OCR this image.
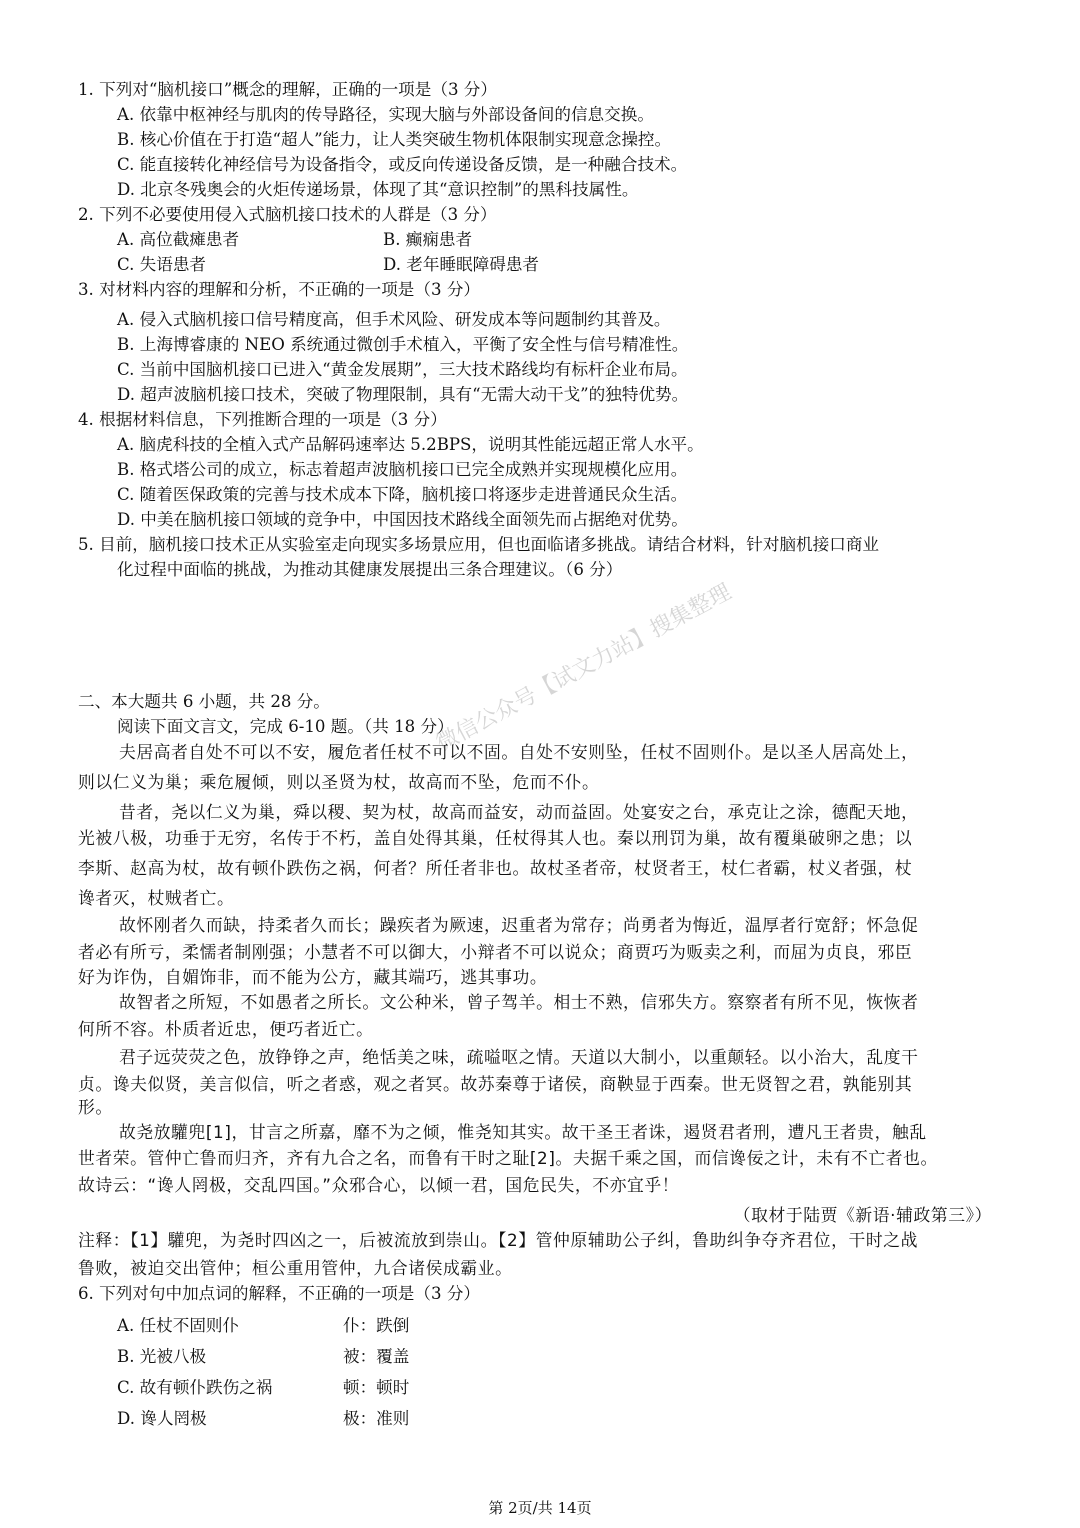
1. 下列对“脑机接口”概念的理解，正确的一项是（3 分）
A. 依靠中枢神经与肌肉的传导路径，实现大脑与外部设备间的信息交换。
B. 核心价值在于打造“超人”能力，让人类突破生物机体限制实现意念操控。
C. 能直接转化神经信号为设备指令，或反向传递设备反馈，是一种融合技术。
D. 北京冬残奥会的火炬传递场景，体现了其“意识控制”的黑科技属性。
2. 下列不必要使用侵入式脑机接口技术的人群是（3 分）
A. 高位截瘫患者	B. 癫痫患者
C. 失语患者	D. 老年睡眠障碍患者
3. 对材料内容的理解和分析，不正确的一项是（3 分）
A. 侵入式脑机接口信号精度高，但手术风险、研发成本等问题制约其普及。
B. 上海博睿康的 NEO 系统通过微创手术植入，平衡了安全性与信号精准性。
C. 当前中国脑机接口已进入“黄金发展期”，三大技术路线均有标杆企业布局。
D. 超声波脑机接口技术，突破了物理限制，具有“无需大动干戈”的独特优势。
4. 根据材料信息，下列推断合理的一项是（3 分）
A. 脑虎科技的全植入式产品解码速率达 5.2BPS，说明其性能远超正常人水平。
B. 格式塔公司的成立，标志着超声波脑机接口已完全成熟并实现规模化应用。
C. 随着医保政策的完善与技术成本下降，脑机接口将逐步走进普通民众生活。
D. 中美在脑机接口领域的竞争中，中国因技术路线全面领先而占据绝对优势。
5. 目前，脑机接口技术正从实验室走向现实多场景应用，但也面临诸多挑战。请结合材料，针对脑机接口商业
化过程中面临的挑战，为推动其健康发展提出三条合理建议。（6 分）
微信公众号【试文力站】搜集整理
二、本大题共 6 小题，共 28 分。
阅读下面文言文，完成 6-10 题。（共 18 分）
夫居高者自处不可以不安，履危者任杖不可以不固。自处不安则坠，任杖不固则仆。是以圣人居高处上，
则以仁义为巢；乘危履倾，则以圣贤为杖，故高而不坠，危而不仆。
昔者，尧以仁义为巢，舜以稷、契为杖，故高而益安，动而益固。处宴安之台，承克让之涂，德配天地，
光被八极，功垂于无穷，名传于不朽，盖自处得其巢，任杖得其人也。秦以刑罚为巢，故有覆巢破卵之患；以
李斯、赵高为杖，故有顿仆跌伤之祸，何者？所任者非也。故杖圣者帝，杖贤者王，杖仁者霸，杖义者强，杖
谗者灭，杖贼者亡。
故怀刚者久而缺，持柔者久而长；躁疾者为厥速，迟重者为常存；尚勇者为悔近，温厚者行宽舒；怀急促
者必有所亏，柔懦者制刚强；小慧者不可以御大，小辩者不可以说众；商贾巧为贩卖之利，而屈为贞良，邪臣
好为诈伪，自媚饰非，而不能为公方，藏其端巧，逃其事功。
故智者之所短，不如愚者之所长。文公种米，曾子驾羊。相士不熟，信邪失方。察察者有所不见，恢恢者
何所不容。朴质者近忠，便巧者近亡。
君子远荧荧之色，放铮铮之声，绝恬美之味，疏嗌呕之情。天道以大制小，以重颠轻。以小治大，乱度干
贞。谗夫似贤，美言似信，听之者惑，观之者冥。故苏秦尊于诸侯，商鞅显于西秦。世无贤智之君，孰能别其
形。
故尧放驩兜[1]，甘言之所嘉，靡不为之倾，惟尧知其实。故干圣王者诛，遏贤君者刑，遭凡王者贵，触乱
世者荣。管仲亡鲁而归齐，齐有九合之名，而鲁有干时之耻[2]。夫据千乘之国，而信谗佞之计，未有不亡者也。
故诗云：“谗人罔极，交乱四国。”众邪合心，以倾一君，国危民失，不亦宜乎！
（取材于陆贾《新语·辅政第三》）
注释：【1】驩兜，为尧时四凶之一，后被流放到崇山。【2】管仲原辅助公子纠，鲁助纠争夺齐君位，干时之战
鲁败，被迫交出管仲；桓公重用管仲，九合诸侯成霸业。
6. 下列对句中加点词的解释，不正确的一项是（3 分）
A. 任杖不固则仆	仆：跌倒
B. 光被八极	被：覆盖
C. 故有顿仆跌伤之祸	顿：顿时
D. 谗人罔极	极：准则
第 2页/共 14页
